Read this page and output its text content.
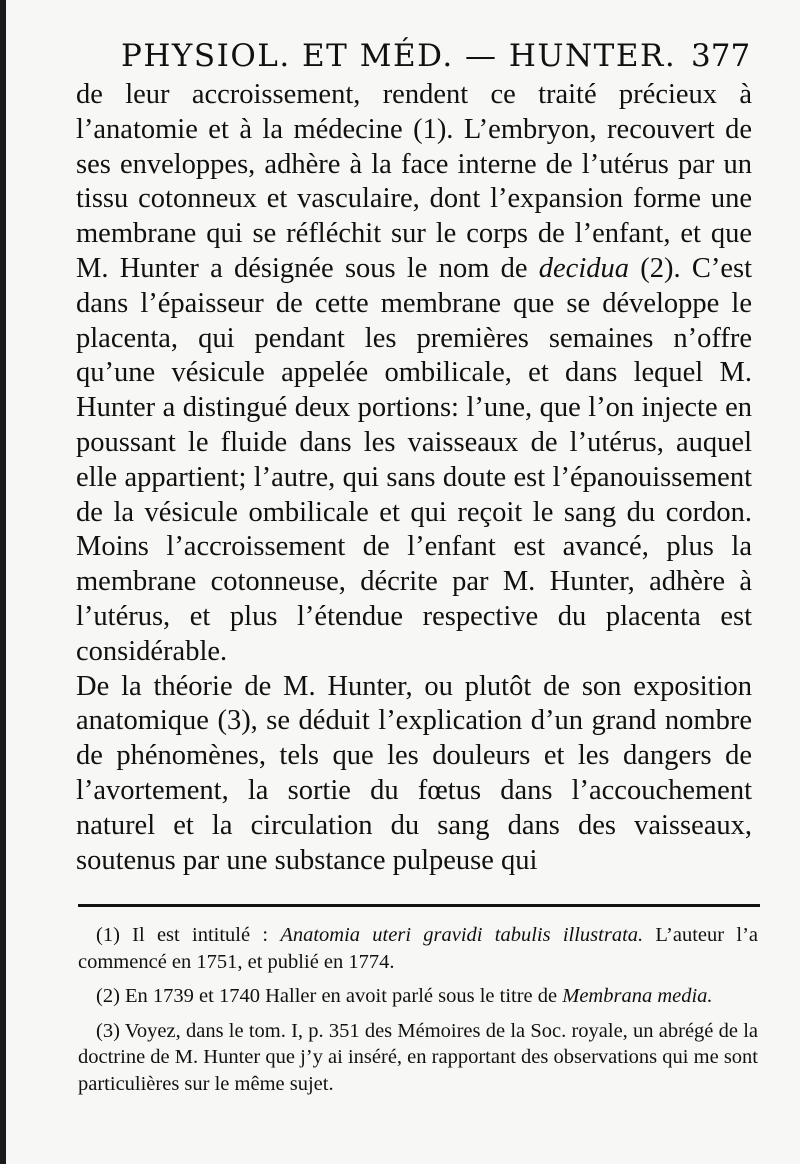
PHYSIOL. ET MÉD. — HUNTER. 377

de leur accroissement, rendent ce traité précieux à l’anatomie et à la médecine (1). L’embryon, recouvert de ses enveloppes, adhère à la face interne de l’utérus par un tissu cotonneux et vasculaire, dont l’expansion forme une membrane qui se réfléchit sur le corps de l’enfant, et que M. Hunter a désignée sous le nom de decidua (2). C’est dans l’épaisseur de cette membrane que se développe le placenta, qui pendant les premières semaines n’offre qu’une vésicule appelée ombilicale, et dans lequel M. Hunter a distingué deux portions: l’une, que l’on injecte en poussant le fluide dans les vaisseaux de l’utérus, auquel elle appartient; l’autre, qui sans doute est l’épanouissement de la vésicule ombilicale et qui reçoit le sang du cordon. Moins l’accroissement de l’enfant est avancé, plus la membrane cotonneuse, décrite par M. Hunter, adhère à l’utérus, et plus l’étendue respective du placenta est considérable.

De la théorie de M. Hunter, ou plutôt de son exposition anatomique (3), se déduit l’explication d’un grand nombre de phénomènes, tels que les douleurs et les dangers de l’avortement, la sortie du fœtus dans l’accouchement naturel et la circulation du sang dans des vaisseaux, soutenus par une substance pulpeuse qui

(1) Il est intitulé : Anatomia uteri gravidi tabulis illustrata. L’auteur l’a commencé en 1751, et publié en 1774.

(2) En 1739 et 1740 Haller en avoit parlé sous le titre de Membrana media.

(3) Voyez, dans le tom. I, p. 351 des Mémoires de la Soc. royale, un abrégé de la doctrine de M. Hunter que j’y ai inséré, en rapportant des observations qui me sont particulières sur le même sujet.
